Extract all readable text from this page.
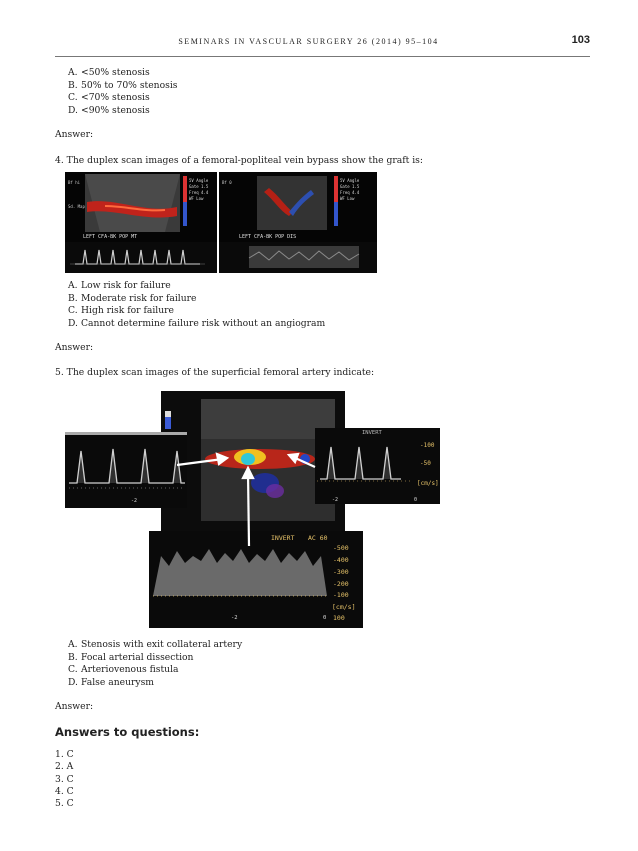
SEMINARS IN VASCULAR SURGERY 26 (2014) 95–104	103
A. <50% stenosis
B. 50% to 70% stenosis
C. <70% stenosis
D. <90% stenosis
Answer:
4. The duplex scan images of a femoral-popliteal vein bypass show the graft is:
5V Angle
Gate 1.5
Freq 4.4
WF Low
Bf hi
Sd. Map
LEFT CFA-BK POP MT
5V Angle
Gate 1.5
Freq 4.4
WF Low
Bf 0
LEFT CFA-BK POP DIS
A. Low risk for failure
B. Moderate risk for failure
C. High risk for failure
D. Cannot determine failure risk without an angiogram
Answer:
5. The duplex scan images of the superficial femoral artery indicate:
-2
INVERT
-100
-50
[cm/s]
-2	0
INVERT AC 60
-500
-400
-300
-200
-100
[cm/s]
100
-2	0
A. Stenosis with exit collateral artery
B. Focal arterial dissection
C. Arteriovenous fistula
D. False aneurysm
Answer:
Answers to questions:
1. C
2. A
3. C
4. C
5. C
